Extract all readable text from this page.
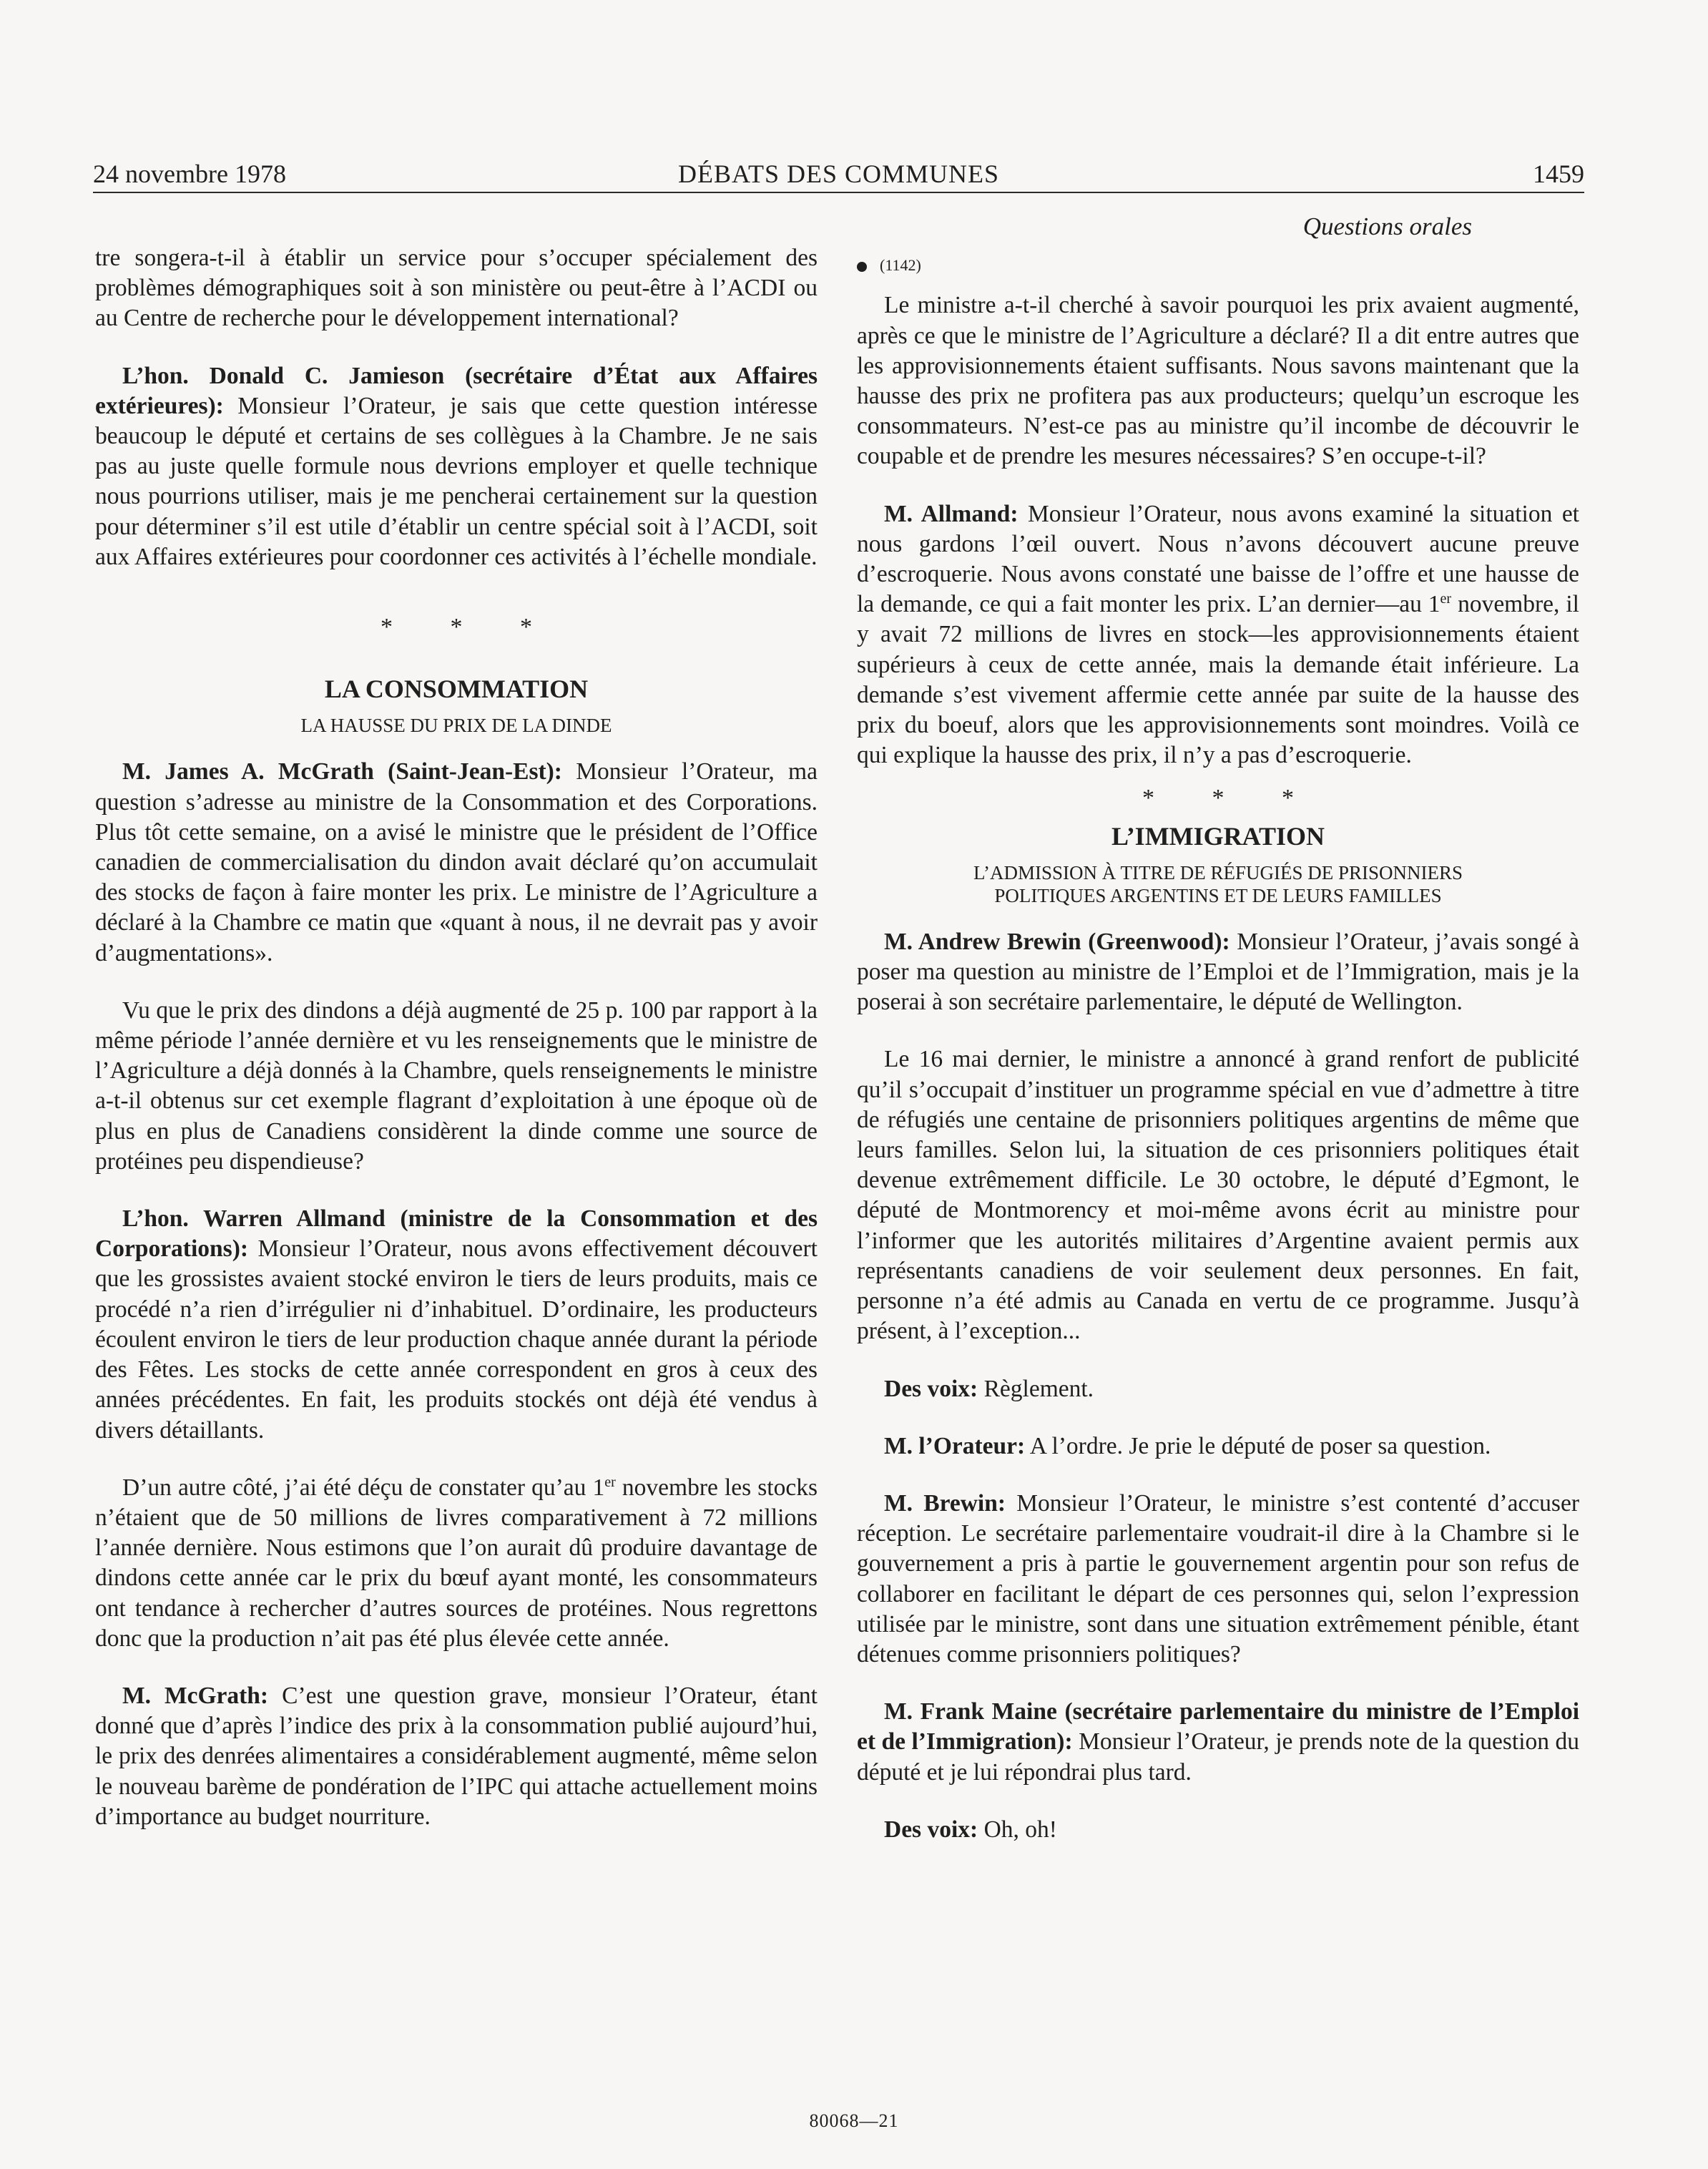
24 novembre 1978	DÉBATS DES COMMUNES	1459

tre songera-t-il à établir un service pour s’occuper spécialement des problèmes démographiques soit à son ministère ou peut-être à l’ACDI ou au Centre de recherche pour le développement international?

L’hon. Donald C. Jamieson (secrétaire d’État aux Affaires extérieures): Monsieur l’Orateur, je sais que cette question intéresse beaucoup le député et certains de ses collègues à la Chambre. Je ne sais pas au juste quelle formule nous devrions employer et quelle technique nous pourrions utiliser, mais je me pencherai certainement sur la question pour déterminer s’il est utile d’établir un centre spécial soit à l’ACDI, soit aux Affaires extérieures pour coordonner ces activités à l’échelle mondiale.

* * *
LA CONSOMMATION
LA HAUSSE DU PRIX DE LA DINDE

M. James A. McGrath (Saint-Jean-Est): Monsieur l’Orateur, ma question s’adresse au ministre de la Consommation et des Corporations. Plus tôt cette semaine, on a avisé le ministre que le président de l’Office canadien de commercialisation du dindon avait déclaré qu’on accumulait des stocks de façon à faire monter les prix. Le ministre de l’Agriculture a déclaré à la Chambre ce matin que «quant à nous, il ne devrait pas y avoir d’augmentations».

Vu que le prix des dindons a déjà augmenté de 25 p. 100 par rapport à la même période l’année dernière et vu les renseignements que le ministre de l’Agriculture a déjà donnés à la Chambre, quels renseignements le ministre a-t-il obtenus sur cet exemple flagrant d’exploitation à une époque où de plus en plus de Canadiens considèrent la dinde comme une source de protéines peu dispendieuse?

L’hon. Warren Allmand (ministre de la Consommation et des Corporations): Monsieur l’Orateur, nous avons effectivement découvert que les grossistes avaient stocké environ le tiers de leurs produits, mais ce procédé n’a rien d’irrégulier ni d’inhabituel. D’ordinaire, les producteurs écoulent environ le tiers de leur production chaque année durant la période des Fêtes. Les stocks de cette année correspondent en gros à ceux des années précédentes. En fait, les produits stockés ont déjà été vendus à divers détaillants.

D’un autre côté, j’ai été déçu de constater qu’au 1er novembre les stocks n’étaient que de 50 millions de livres comparativement à 72 millions l’année dernière. Nous estimons que l’on aurait dû produire davantage de dindons cette année car le prix du bœuf ayant monté, les consommateurs ont tendance à rechercher d’autres sources de protéines. Nous regrettons donc que la production n’ait pas été plus élevée cette année.

M. McGrath: C’est une question grave, monsieur l’Orateur, étant donné que d’après l’indice des prix à la consommation publié aujourd’hui, le prix des denrées alimentaires a considérablement augmenté, même selon le nouveau barème de pondération de l’IPC qui attache actuellement moins d’importance au budget nourriture.

Questions orales
(1142)

Le ministre a-t-il cherché à savoir pourquoi les prix avaient augmenté, après ce que le ministre de l’Agriculture a déclaré? Il a dit entre autres que les approvisionnements étaient suffisants. Nous savons maintenant que la hausse des prix ne profitera pas aux producteurs; quelqu’un escroque les consommateurs. N’est-ce pas au ministre qu’il incombe de découvrir le coupable et de prendre les mesures nécessaires? S’en occupe-t-il?

M. Allmand: Monsieur l’Orateur, nous avons examiné la situation et nous gardons l’œil ouvert. Nous n’avons découvert aucune preuve d’escroquerie. Nous avons constaté une baisse de l’offre et une hausse de la demande, ce qui a fait monter les prix. L’an dernier—au 1er novembre, il y avait 72 millions de livres en stock—les approvisionnements étaient supérieurs à ceux de cette année, mais la demande était inférieure. La demande s’est vivement affermie cette année par suite de la hausse des prix du boeuf, alors que les approvisionnements sont moindres. Voilà ce qui explique la hausse des prix, il n’y a pas d’escroquerie.

* * *
L’IMMIGRATION
L’ADMISSION À TITRE DE RÉFUGIÉS DE PRISONNIERS
POLITIQUES ARGENTINS ET DE LEURS FAMILLES

M. Andrew Brewin (Greenwood): Monsieur l’Orateur, j’avais songé à poser ma question au ministre de l’Emploi et de l’Immigration, mais je la poserai à son secrétaire parlementaire, le député de Wellington.

Le 16 mai dernier, le ministre a annoncé à grand renfort de publicité qu’il s’occupait d’instituer un programme spécial en vue d’admettre à titre de réfugiés une centaine de prisonniers politiques argentins de même que leurs familles. Selon lui, la situation de ces prisonniers politiques était devenue extrêmement difficile. Le 30 octobre, le député d’Egmont, le député de Montmorency et moi-même avons écrit au ministre pour l’informer que les autorités militaires d’Argentine avaient permis aux représentants canadiens de voir seulement deux personnes. En fait, personne n’a été admis au Canada en vertu de ce programme. Jusqu’à présent, à l’exception...

Des voix: Règlement.

M. l’Orateur: A l’ordre. Je prie le député de poser sa question.

M. Brewin: Monsieur l’Orateur, le ministre s’est contenté d’accuser réception. Le secrétaire parlementaire voudrait-il dire à la Chambre si le gouvernement a pris à partie le gouvernement argentin pour son refus de collaborer en facilitant le départ de ces personnes qui, selon l’expression utilisée par le ministre, sont dans une situation extrêmement pénible, étant détenues comme prisonniers politiques?

M. Frank Maine (secrétaire parlementaire du ministre de l’Emploi et de l’Immigration): Monsieur l’Orateur, je prends note de la question du député et je lui répondrai plus tard.

Des voix: Oh, oh!

80068—21
